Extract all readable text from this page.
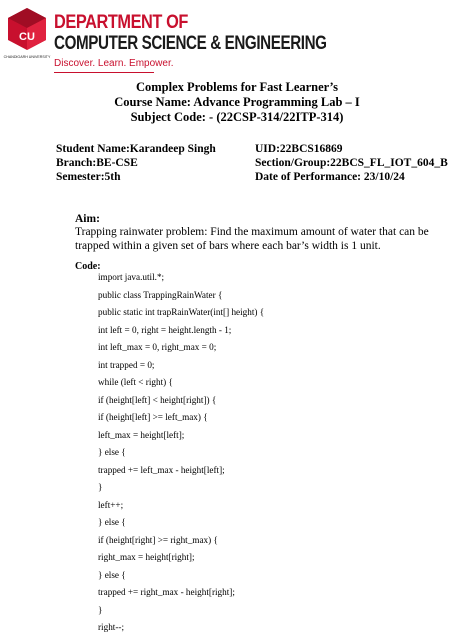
CU
CHANDIGARH UNIVERSITY
DEPARTMENT OF
COMPUTER SCIENCE & ENGINEERING
Discover. Learn. Empower.
Complex Problems for Fast Learner’s
Course Name: Advance Programming Lab – I
Subject Code: - (22CSP-314/22ITP-314)
Student Name:Karandeep Singh	UID:22BCS16869
Branch:BE-CSE	Section/Group:22BCS_FL_IOT_604_B
Semester:5th	Date of Performance: 23/10/24
Aim:
Trapping rainwater problem: Find the maximum amount of water that can be trapped within a given set of bars where each bar’s width is 1 unit.
Code:
import java.util.*;
public class TrappingRainWater {
public static int trapRainWater(int[] height) {
int left = 0, right = height.length - 1;
int left_max = 0, right_max = 0;
int trapped = 0;
while (left < right) {
if (height[left] < height[right]) {
if (height[left] >= left_max) {
left_max = height[left];
} else {
trapped += left_max - height[left];
}
left++;
} else {
if (height[right] >= right_max) {
right_max = height[right];
} else {
trapped += right_max - height[right];
}
right--;
